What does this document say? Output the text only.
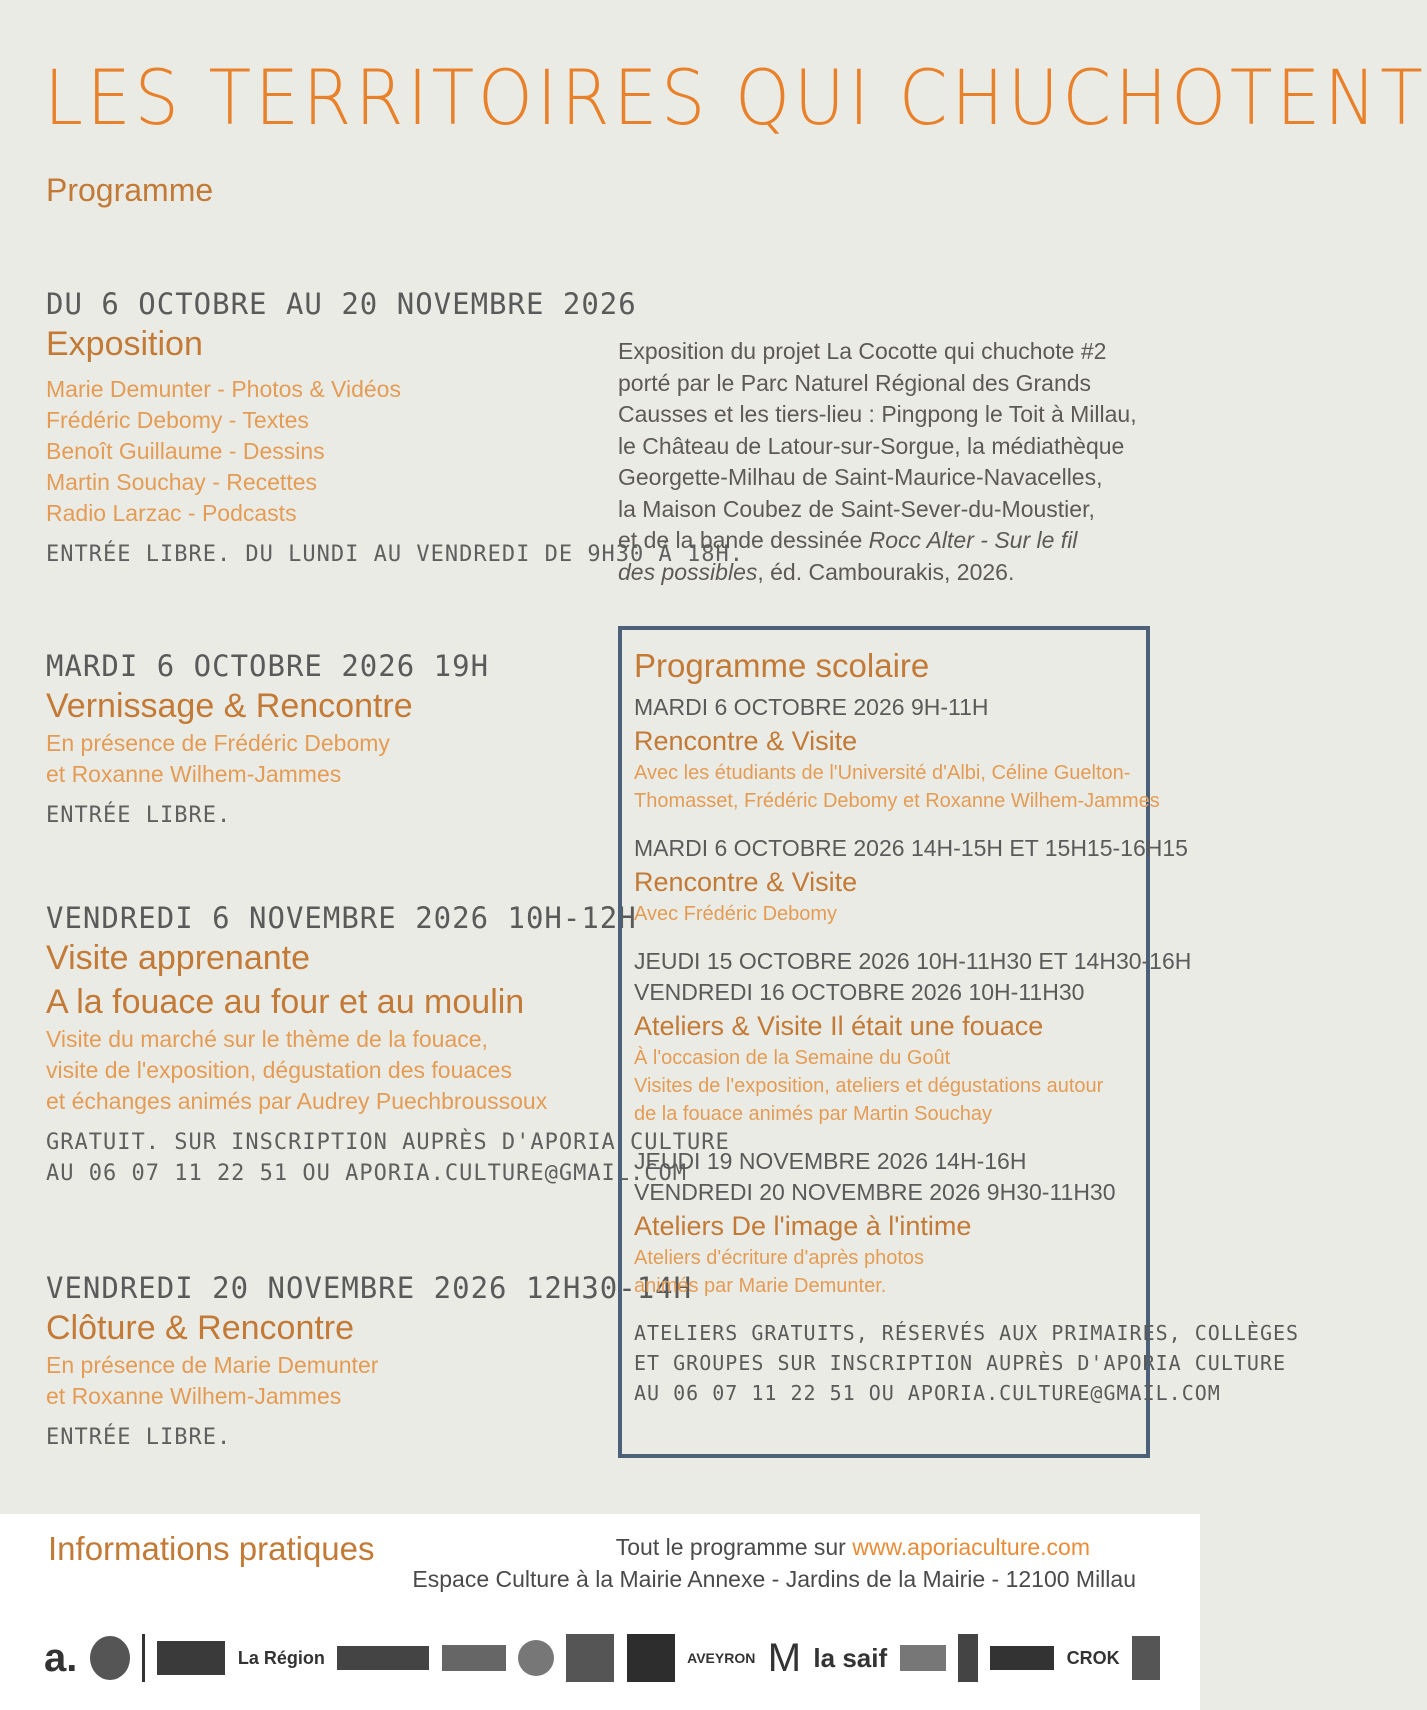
LES TERRITOIRES QUI CHUCHOTENT
Programme
DU 6 OCTOBRE AU 20 NOVEMBRE 2026
Exposition
Marie Demunter - Photos & Vidéos
Frédéric Debomy - Textes
Benoît Guillaume - Dessins
Martin Souchay - Recettes
Radio Larzac - Podcasts
ENTRÉE LIBRE. DU LUNDI AU VENDREDI DE 9H30 À 18H.
Exposition du projet La Cocotte qui chuchote #2
porté par le Parc Naturel Régional des Grands
Causses et les tiers-lieu : Pingpong le Toit à Millau,
le Château de Latour-sur-Sorgue, la médiathèque
Georgette-Milhau de Saint-Maurice-Navacelles,
la Maison Coubez de Saint-Sever-du-Moustier,
et de la bande dessinée Rocc Alter - Sur le fil
des possibles, éd. Cambourakis, 2026.
MARDI 6 OCTOBRE 2026 19H
Vernissage & Rencontre
En présence de Frédéric Debomy
et Roxanne Wilhem-Jammes
ENTRÉE LIBRE.
VENDREDI 6 NOVEMBRE 2026 10H-12H
Visite apprenante
A la fouace au four et au moulin
Visite du marché sur le thème de la fouace,
visite de l'exposition, dégustation des fouaces
et échanges animés par Audrey Puechbroussoux
GRATUIT. SUR INSCRIPTION AUPRÈS D'APORIA CULTURE
AU 06 07 11 22 51 OU APORIA.CULTURE@GMAIL.COM
VENDREDI 20 NOVEMBRE 2026 12H30-14H
Clôture & Rencontre
En présence de Marie Demunter
et Roxanne Wilhem-Jammes
ENTRÉE LIBRE.
Programme scolaire
MARDI 6 OCTOBRE 2026 9H-11H
Rencontre & Visite
Avec les étudiants de l'Université d'Albi, Céline Guelton-
Thomasset, Frédéric Debomy et Roxanne Wilhem-Jammes
MARDI 6 OCTOBRE 2026 14H-15H ET 15H15-16H15
Rencontre & Visite
Avec Frédéric Debomy
JEUDI 15 OCTOBRE 2026 10H-11H30 ET 14H30-16H
VENDREDI 16 OCTOBRE 2026 10H-11H30
Ateliers & Visite Il était une fouace
À l'occasion de la Semaine du Goût
Visites de l'exposition, ateliers et dégustations autour
de la fouace animés par Martin Souchay
JEUDI 19 NOVEMBRE 2026 14H-16H
VENDREDI 20 NOVEMBRE 2026 9H30-11H30
Ateliers De l'image à l'intime
Ateliers d'écriture d'après photos
animés par Marie Demunter.
ATELIERS GRATUITS, RÉSERVÉS AUX PRIMAIRES, COLLÈGES
ET GROUPES SUR INSCRIPTION AUPRÈS D'APORIA CULTURE
AU 06 07 11 22 51 OU APORIA.CULTURE@GMAIL.COM
Informations pratiques	Tout le programme sur www.aporiaculture.com
Espace Culture à la Mairie Annexe - Jardins de la Mairie - 12100 Millau
a.	La Région	AVEYRON M la saif	CROK
